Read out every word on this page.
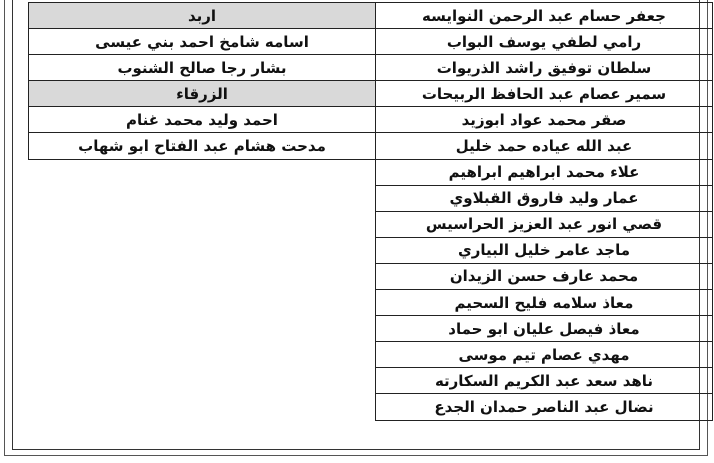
جعفر حسام عبد الرحمن النوايسه	اربد
رامي لطفي يوسف البواب	اسامه شامخ احمد بني عيسى
سلطان توفيق راشد الذريوات	بشار رجا صالح الشنوب
سمير عصام عبد الحافظ الربيحات	الزرقاء
صقر محمد عواد ابوزيد	احمد وليد محمد غنام
عبد الله عياده حمد خليل	مدحت هشام عبد الفتاح ابو شهاب
علاء محمد ابراهيم ابراهيم	
عمار وليد فاروق القبلاوي	
قصي انور عبد العزيز الحراسيس	
ماجد عامر خليل البياري	
محمد عارف حسن الزيدان	
معاذ سلامه فليح السحيم	
معاذ فيصل عليان ابو حماد	
مهدي عصام تيم موسى	
ناهد سعد عبد الكريم السكارته	
نضال عبد الناصر حمدان الجدع	
